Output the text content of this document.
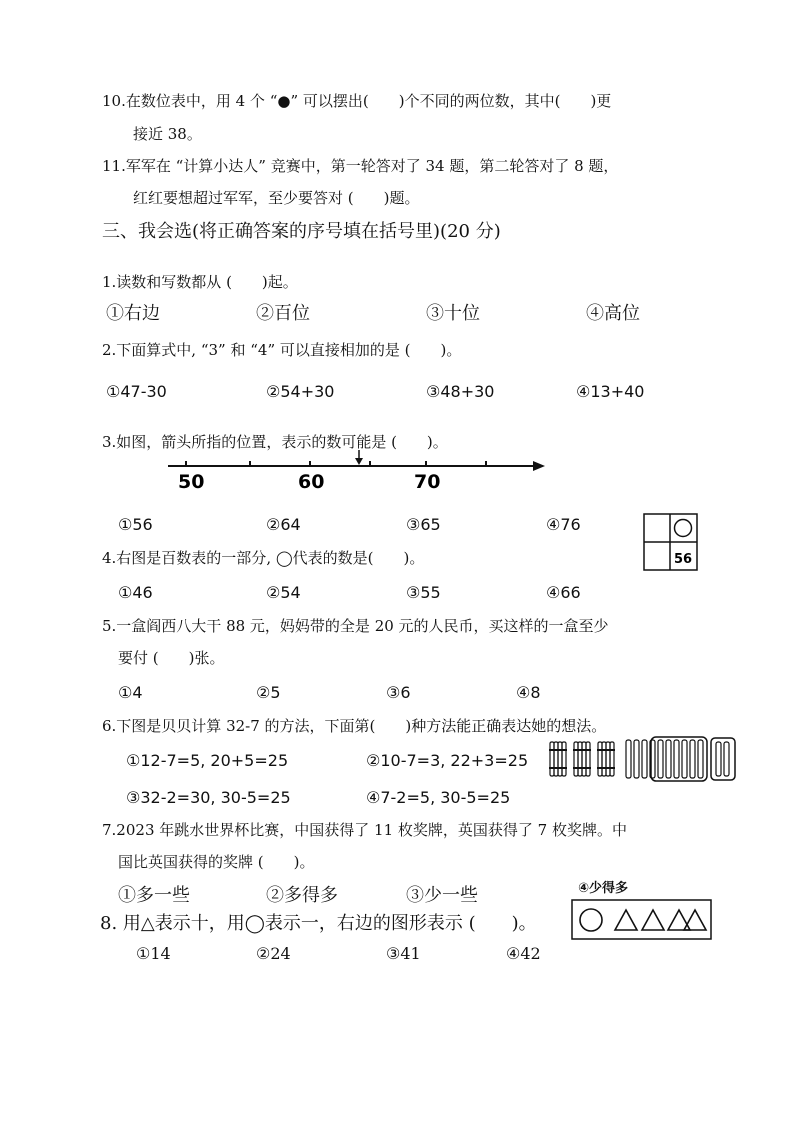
10.在数位表中，用 4 个 “●” 可以摆出(　　)个不同的两位数，其中(　　)更
接近 38。
11.军军在 “计算小达人” 竞赛中，第一轮答对了 34 题，第二轮答对了 8 题，
红红要想超过军军，至少要答对 (　　)题。
三、我会选(将正确答案的序号填在括号里)(20 分)
1.读数和写数都从 (　　)起。
①右边	②百位	③十位	④高位
2.下面算式中, “3” 和 “4” 可以直接相加的是 (　　)。
①47-30	②54+30	③48+30	④13+40
3.如图，箭头所指的位置，表示的数可能是 (　　)。
50	60	70
①56	②64	③65	④76
56
4.右图是百数表的一部分, ◯代表的数是(　　)。
①46	②54	③55	④66
5.一盒阎西八大干 88 元，妈妈带的全是 20 元的人民币，买这样的一盒至少
要付 (　　)张。
①4	②5	③6	④8
6.下图是贝贝计算 32-7 的方法，下面第(　　)种方法能正确表达她的想法。
①12-7=5, 20+5=25	②10-7=3, 22+3=25
③32-2=30, 30-5=25	④7-2=5, 30-5=25
7.2023 年跳水世界杯比赛，中国获得了 11 枚奖牌，英国获得了 7 枚奖牌。中
国比英国获得的奖牌 (　　)。
①多一些	②多得多	③少一些	④少得多
8. 用△表示十，用◯表示一，右边的图形表示 (　　)。
①14	②24	③41	④42
